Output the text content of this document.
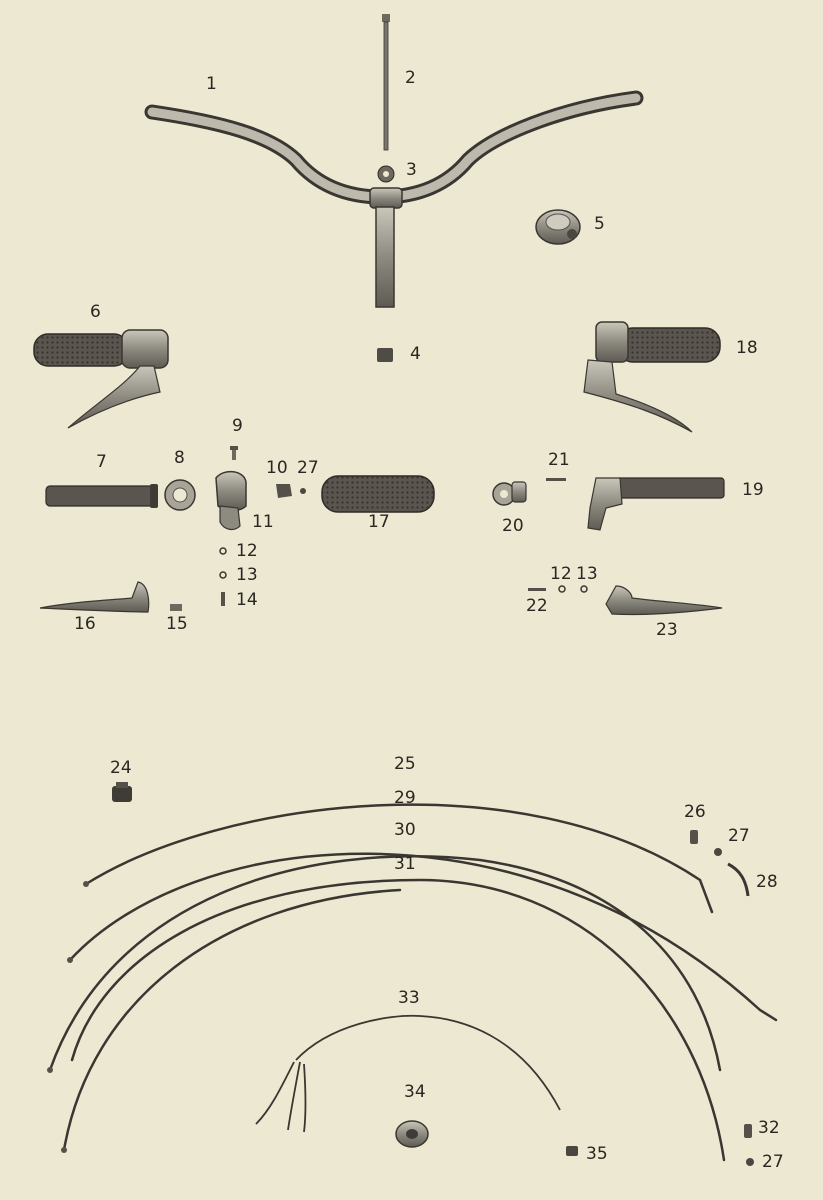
1	2
3
4
5
6
7	8
9
10 27
11
12
13
14
15
16
17
18
19
20
21
22
12 13
23
24	25
26
27
28
29
30
31
32
33
34
35	27
